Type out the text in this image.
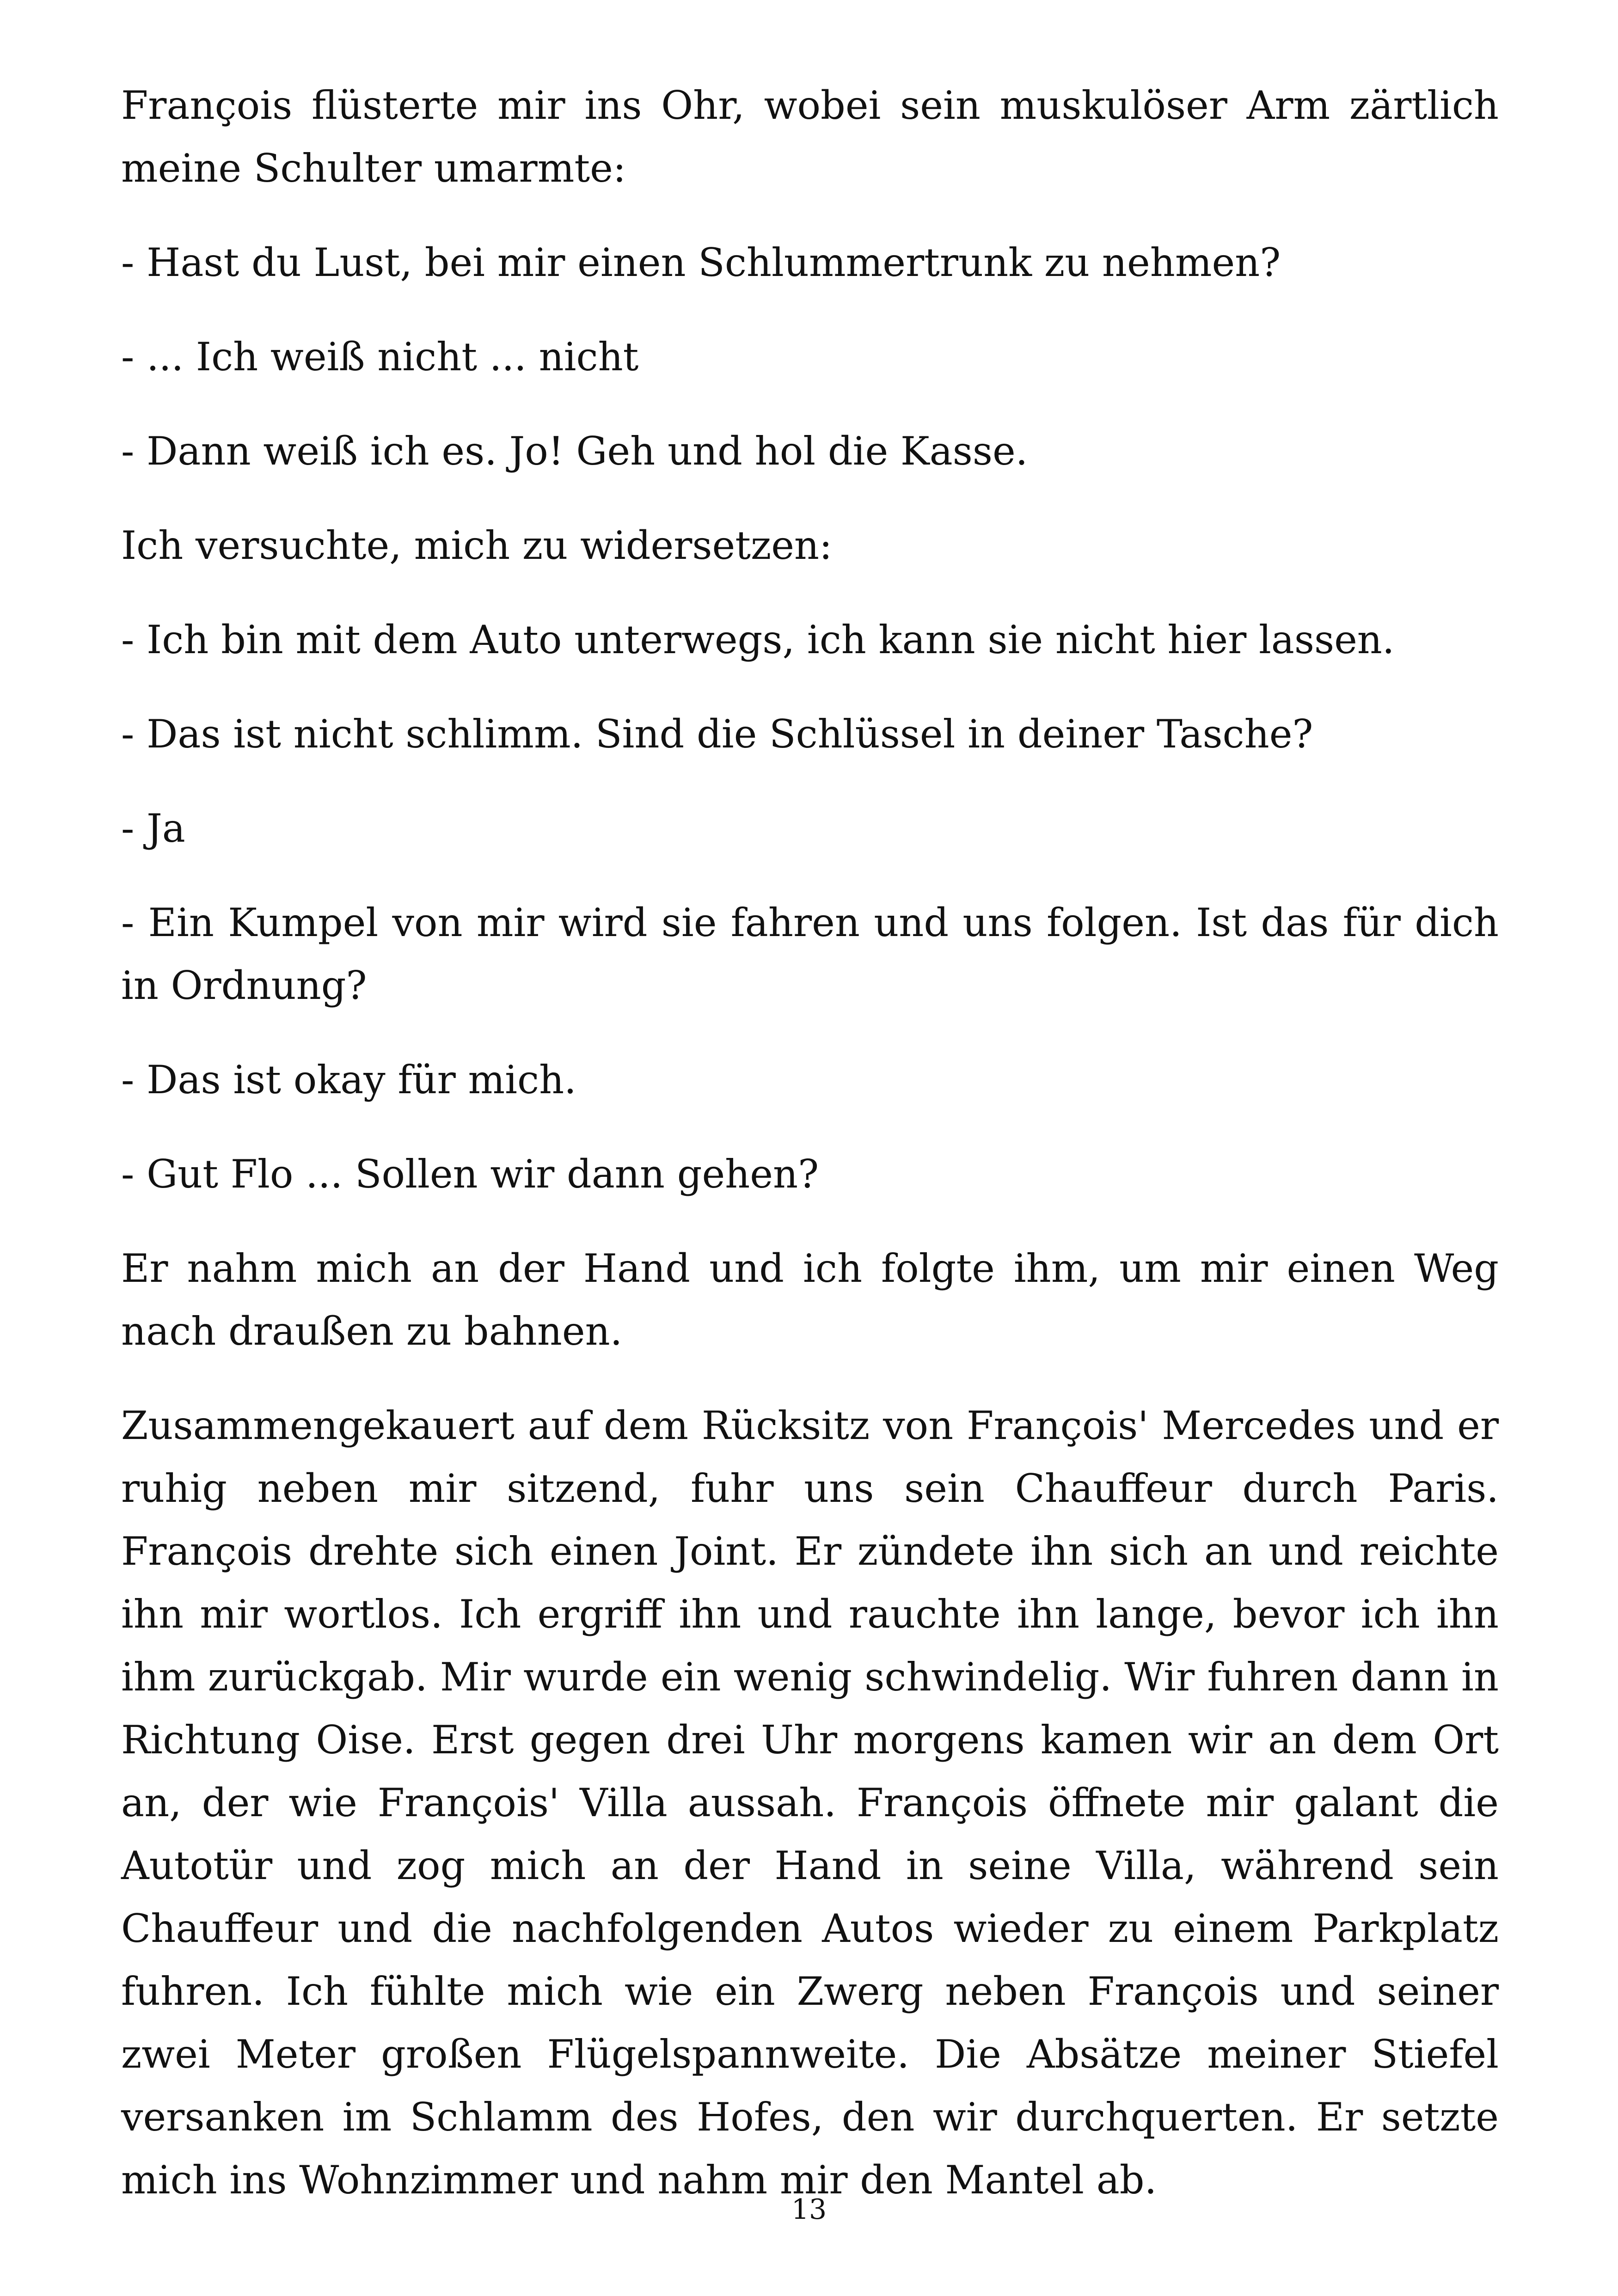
François flüsterte mir ins Ohr, wobei sein muskulöser Arm zärtlich meine Schulter umarmte:

- Hast du Lust, bei mir einen Schlummertrunk zu nehmen?

- ... Ich weiß nicht ... nicht

- Dann weiß ich es. Jo! Geh und hol die Kasse.

Ich versuchte, mich zu widersetzen:

- Ich bin mit dem Auto unterwegs, ich kann sie nicht hier lassen.

- Das ist nicht schlimm. Sind die Schlüssel in deiner Tasche?

- Ja

- Ein Kumpel von mir wird sie fahren und uns folgen. Ist das für dich in Ordnung?

- Das ist okay für mich.

- Gut Flo ... Sollen wir dann gehen?

Er nahm mich an der Hand und ich folgte ihm, um mir einen Weg nach draußen zu bahnen.

Zusammengekauert auf dem Rücksitz von François' Mercedes und er ruhig neben mir sitzend, fuhr uns sein Chauffeur durch Paris. François drehte sich einen Joint. Er zündete ihn sich an und reichte ihn mir wortlos. Ich ergriff ihn und rauchte ihn lange, bevor ich ihn ihm zurückgab. Mir wurde ein wenig schwindelig. Wir fuhren dann in Richtung Oise. Erst gegen drei Uhr morgens kamen wir an dem Ort an, der wie François' Villa aussah. François öffnete mir galant die Autotür und zog mich an der Hand in seine Villa, während sein Chauffeur und die nachfolgenden Autos wieder zu einem Parkplatz fuhren. Ich fühlte mich wie ein Zwerg neben François und seiner zwei Meter großen Flügelspannweite. Die Absätze meiner Stiefel versanken im Schlamm des Hofes, den wir durchquerten. Er setzte mich ins Wohnzimmer und nahm mir den Mantel ab.

13
